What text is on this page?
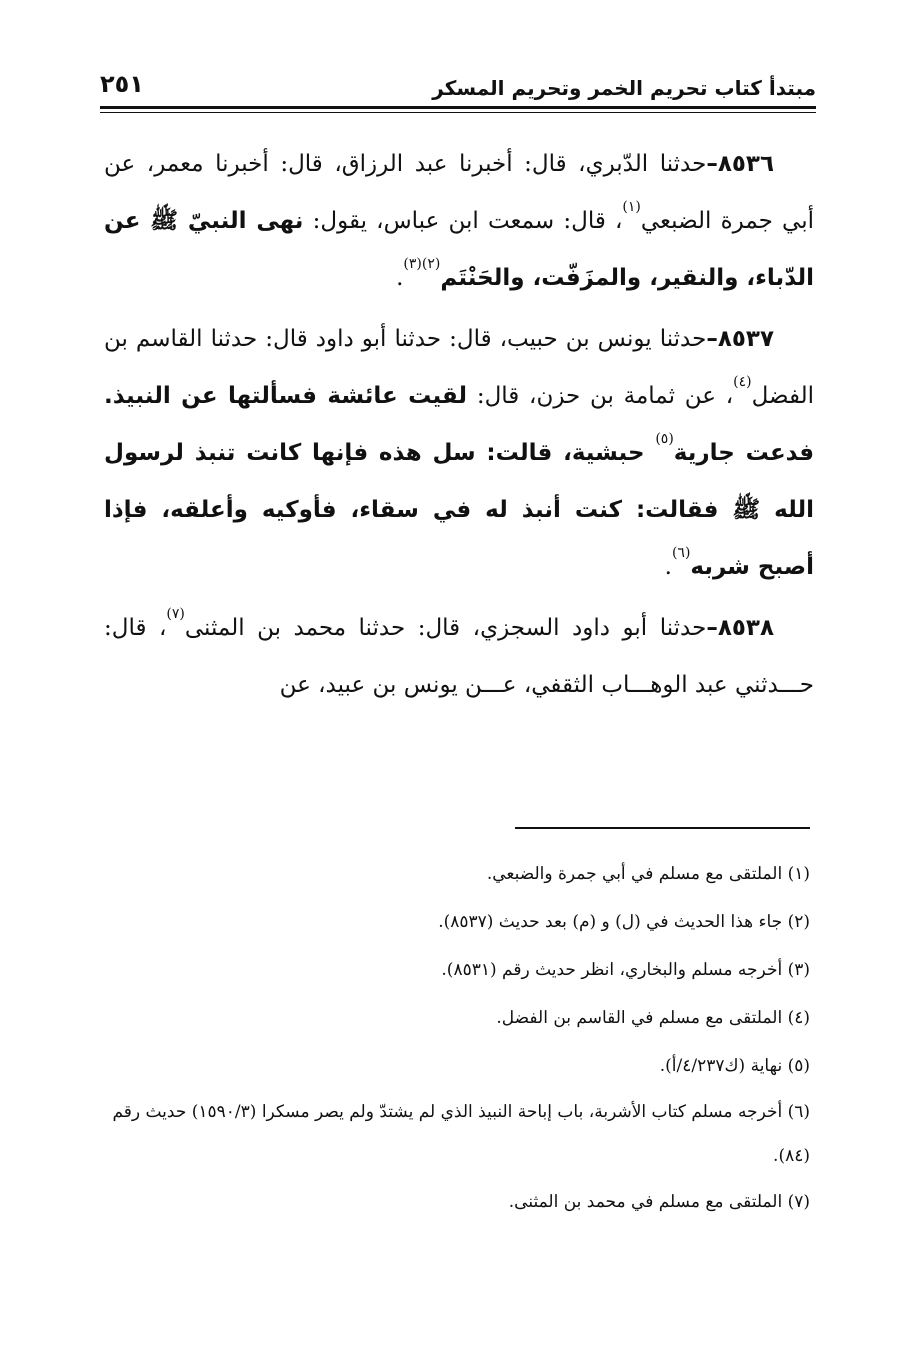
مبتدأ كتاب تحريم الخمر وتحريم المسكر
٢٥١

٨٥٣٦–حدثنا الدّبري، قال: أخبرنا عبد الرزاق، قال: أخبرنا معمر، عن أبي جمرة الضبعي$^{(١)}$، قال: سمعت ابن عباس، يقول: نهى النبيّ ﷺ عن الدّباء، والنقير، والمزَفّت، والحَنْتَم$^{(٢)(٣)}$.

٨٥٣٧–حدثنا يونس بن حبيب، قال: حدثنا أبو داود قال: حدثنا القاسم بن الفضل$^{(٤)}$، عن ثمامة بن حزن، قال: لقيت عائشة فسألتها عن النبيذ. فدعت جارية$^{(٥)}$ حبشية، قالت: سل هذه فإنها كانت تنبذ لرسول الله ﷺ فقالت: كنت أنبذ له في سقاء، فأوكيه وأعلقه، فإذا أصبح شربه$^{(٦)}$.

٨٥٣٨–حدثنا أبو داود السجزي، قال: حدثنا محمد بن المثنى$^{(٧)}$، قال: حـــدثني عبد الوهـــاب الثقفي، عـــن يونس بن عبيد، عن

(١) الملتقى مع مسلم في أبي جمرة والضبعي.
(٢) جاء هذا الحديث في (ل) و (م) بعد حديث (٨٥٣٧).
(٣) أخرجه مسلم والبخاري، انظر حديث رقم (٨٥٣١).
(٤) الملتقى مع مسلم في القاسم بن الفضل.
(٥) نهاية (ك٤/٢٣٧/أ).
(٦) أخرجه مسلم كتاب الأشربة، باب إباحة النبيذ الذي لم يشتدّ ولم يصر مسكرا (١٥٩٠/٣) حديث رقم (٨٤).
(٧) الملتقى مع مسلم في محمد بن المثنى.
